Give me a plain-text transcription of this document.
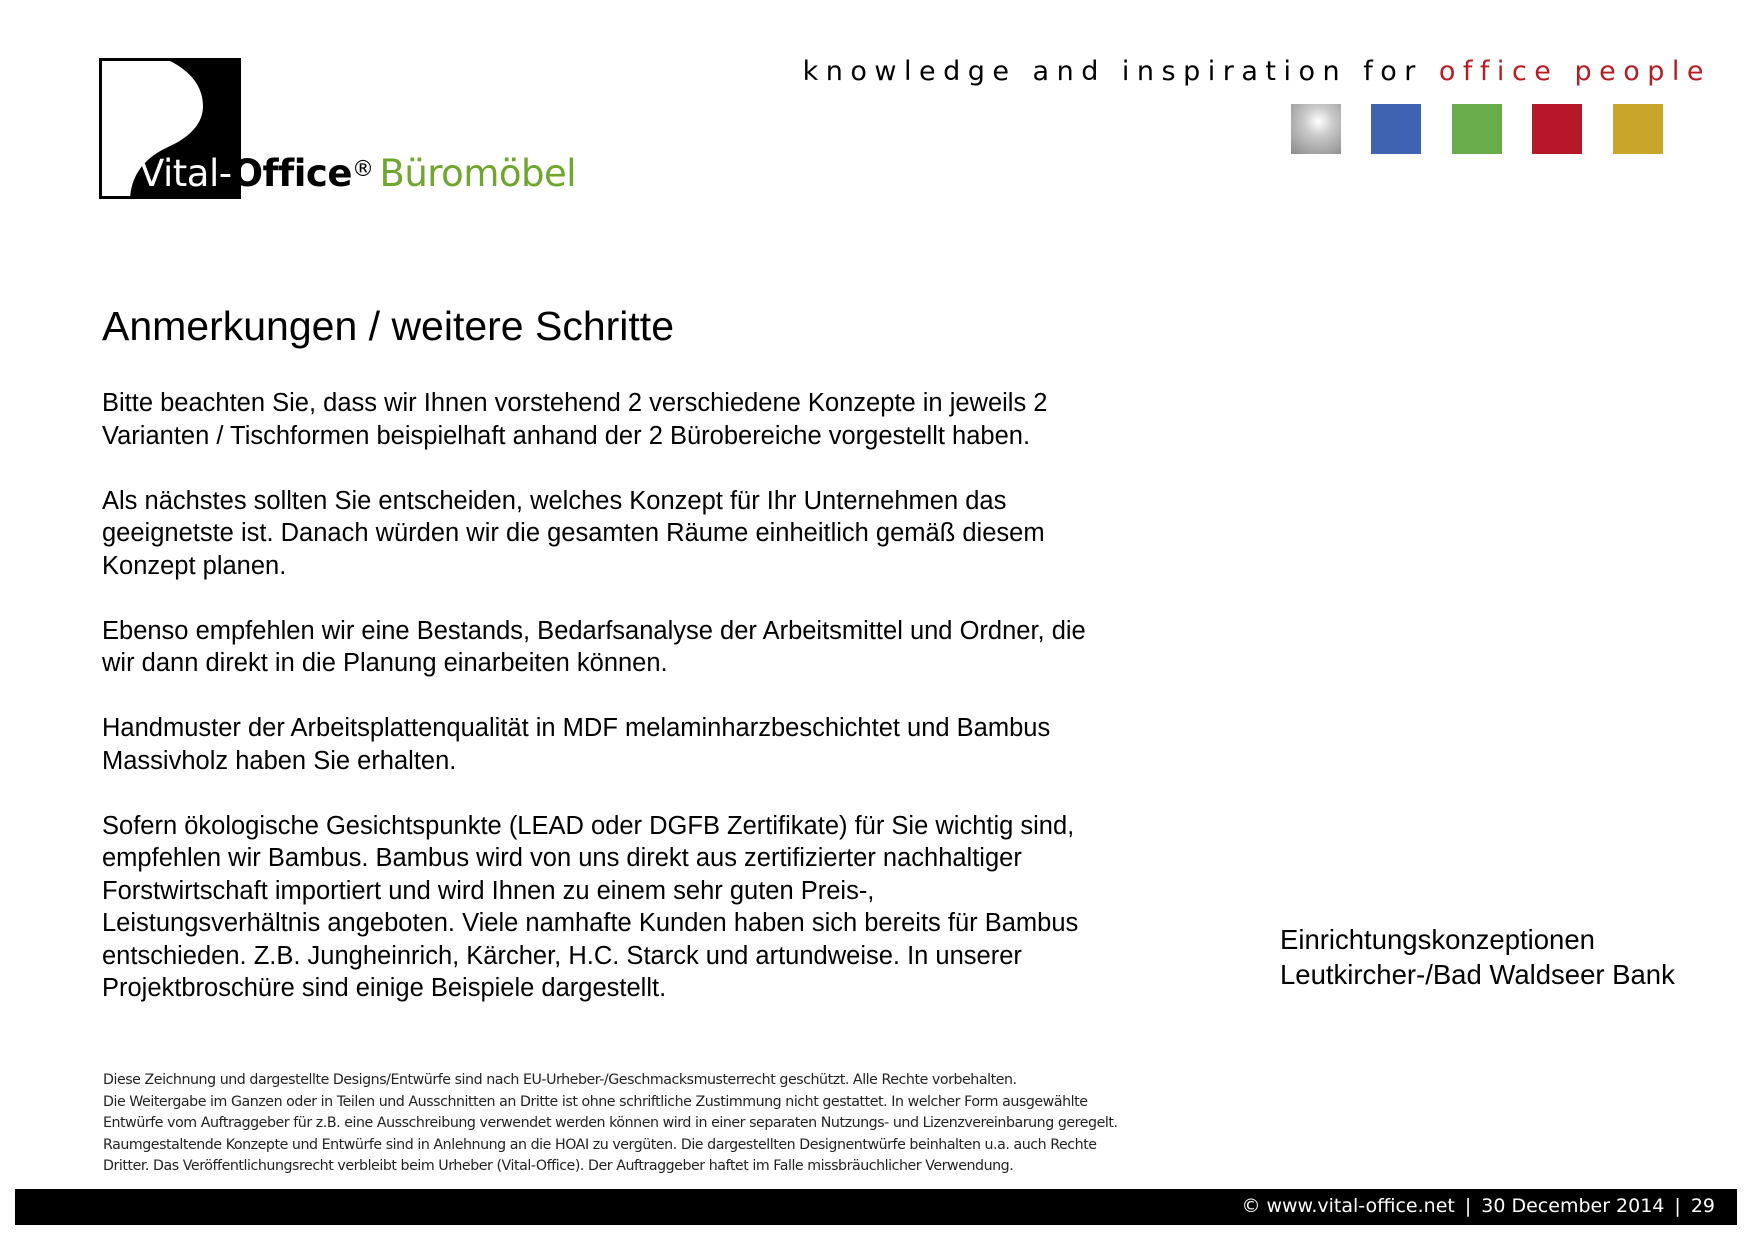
Vital-Office® Büromöbel
knowledge and inspiration for office people
Anmerkungen / weitere Schritte

Bitte beachten Sie, dass wir Ihnen vorstehend 2 verschiedene Konzepte in jeweils 2
Varianten / Tischformen beispielhaft anhand der 2 Bürobereiche vorgestellt haben.

Als nächstes sollten Sie entscheiden, welches Konzept für Ihr Unternehmen das
geeignetste ist. Danach würden wir die gesamten Räume einheitlich gemäß diesem
Konzept planen.

Ebenso empfehlen wir eine Bestands, Bedarfsanalyse der Arbeitsmittel und Ordner, die
wir dann direkt in die Planung einarbeiten können.

Handmuster der Arbeitsplattenqualität in MDF melaminharzbeschichtet und Bambus
Massivholz haben Sie erhalten.

Sofern ökologische Gesichtspunkte (LEAD oder DGFB Zertifikate) für Sie wichtig sind,
empfehlen wir Bambus. Bambus wird von uns direkt aus zertifizierter nachhaltiger
Forstwirtschaft importiert und wird Ihnen zu einem sehr guten Preis-,
Leistungsverhältnis angeboten. Viele namhafte Kunden haben sich bereits für Bambus
entschieden. Z.B. Jungheinrich, Kärcher, H.C. Starck und artundweise. In unserer
Projektbroschüre sind einige Beispiele dargestellt.

Einrichtungskonzeptionen
Leutkircher-/Bad Waldseer Bank
Diese Zeichnung und dargestellte Designs/Entwürfe sind nach EU-Urheber-/Geschmacksmusterrecht geschützt. Alle Rechte vorbehalten.
Die Weitergabe im Ganzen oder in Teilen und Ausschnitten an Dritte ist ohne schriftliche Zustimmung nicht gestattet. In welcher Form ausgewählte
Entwürfe vom Auftraggeber für z.B. eine Ausschreibung verwendet werden können wird in einer separaten Nutzungs- und Lizenzvereinbarung geregelt.
Raumgestaltende Konzepte und Entwürfe sind in Anlehnung an die HOAI zu vergüten. Die dargestellten Designentwürfe beinhalten u.a. auch Rechte
Dritter. Das Veröffentlichungsrecht verbleibt beim Urheber (Vital-Office). Der Auftraggeber haftet im Falle missbräuchlicher Verwendung.
© www.vital-office.net | 30 December 2014 | 29
